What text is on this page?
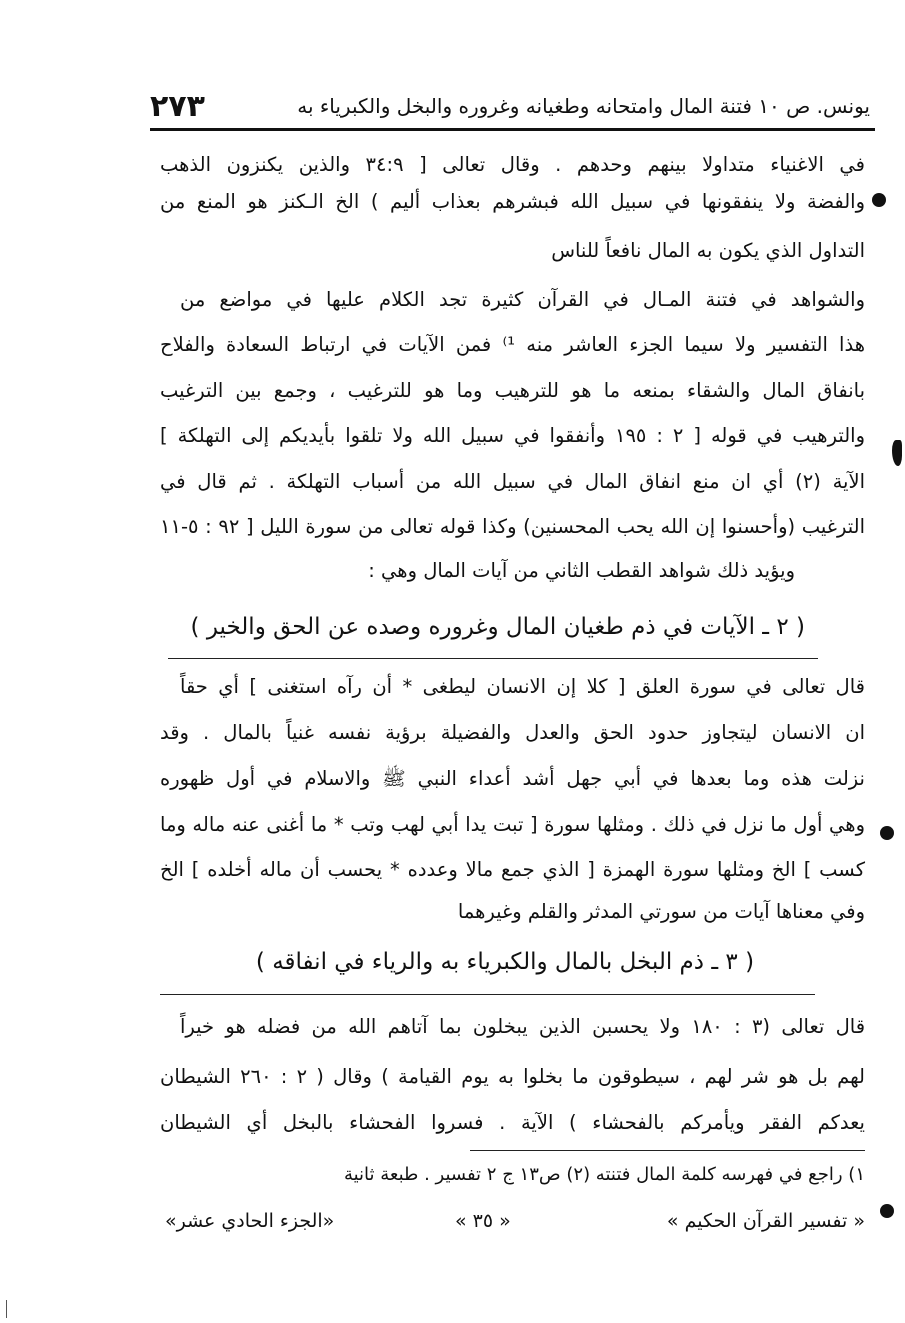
يونس. ص ١٠ فتنة المال وامتحانه وطغيانه وغروره والبخل والكبرياء به
٢٧٣
في الاغنياء متداولا بينهم وحدهم . وقال تعالى [ ٣٤:٩ والذين يكنزون الذهب
والفضة ولا ينفقونها في سبيل الله فبشرهم بعذاب أليم ) الخ الـكنز هو المنع من
التداول الذي يكون به المال نافعاً للناس
والشواهد في فتنة المـال في القرآن كثيرة تجد الكلام عليها في مواضع من
هذا التفسير ولا سيما الجزء العاشر منه ¹⁾ فمن الآيات في ارتباط السعادة والفلاح
بانفاق المال والشقاء بمنعه ما هو للترهيب وما هو للترغيب ، وجمع بين الترغيب
والترهيب في قوله [ ٢ : ١٩٥ وأنفقوا في سبيل الله ولا تلقوا بأيديكم إلى التهلكة ]
الآية (٢) أي ان منع انفاق المال في سبيل الله من أسباب التهلكة . ثم قال في
الترغيب (وأحسنوا إن الله يحب المحسنين) وكذا قوله تعالى من سورة الليل [ ٩٢ : ٥-١١
ويؤيد ذلك شواهد القطب الثاني من آيات المال وهي :
( ٢ ـ الآيات في ذم طغيان المال وغروره وصده عن الحق والخير )
قال تعالى في سورة العلق [ كلا إن الانسان ليطغى * أن رآه استغنى ] أي حقاً
ان الانسان ليتجاوز حدود الحق والعدل والفضيلة برؤية نفسه غنياً بالمال . وقد
نزلت هذه وما بعدها في أبي جهل أشد أعداء النبي ﷺ والاسلام في أول ظهوره
وهي أول ما نزل في ذلك . ومثلها سورة [ تبت يدا أبي لهب وتب * ما أغنى عنه ماله وما
كسب ] الخ ومثلها سورة الهمزة [ الذي جمع مالا وعدده * يحسب أن ماله أخلده ] الخ
وفي معناها آيات من سورتي المدثر والقلم وغيرهما
( ٣ ـ ذم البخل بالمال والكبرياء به والرياء في انفاقه )
قال تعالى (٣ : ١٨٠ ولا يحسبن الذين يبخلون بما آتاهم الله من فضله هو خيراً
لهم بل هو شر لهم ، سيطوقون ما بخلوا به يوم القيامة ) وقال ( ٢ : ٢٦٠ الشيطان
يعدكم الفقر ويأمركم بالفحشاء ) الآية . فسروا الفحشاء بالبخل أي الشيطان
١) راجع في فهرسه كلمة المال فتنته (٢) ص١٣ ج ٢ تفسير . طبعة ثانية
« تفسير القرآن الحكيم »
« ٣٥ »
«الجزء الحادي عشر»
